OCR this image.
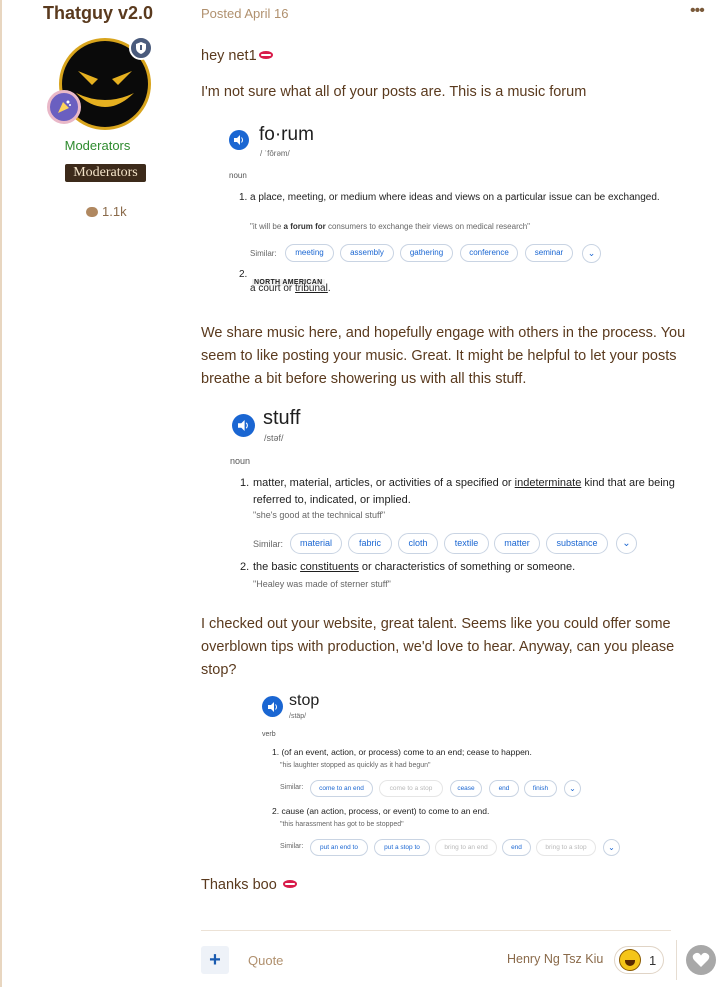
Thatguy v2.0
Moderators
Moderators
1.1k
Posted April 16	•••
hey net1
I'm not sure what all of your posts are. This is a music forum
fo·rum
/ ˈfôrəm/
noun
1. a place, meeting, or medium where ideas and views on a particular issue can be exchanged.
"it will be a forum for consumers to exchange their views on medical research"
Similar:	meeting	assembly	gathering	conference	seminar	⌄
2.
NORTH AMERICAN
a court or tribunal.
We share music here, and hopefully engage with others in the process. You seem to like posting your music. Great. It might be helpful to let your posts breathe a bit before showering us with all this stuff.
stuff
/stəf/
noun
1. matter, material, articles, or activities of a specified or indeterminate kind that are being referred to, indicated, or implied.
"she's good at the technical stuff"
Similar:	material	fabric	cloth	textile	matter	substance	⌄
2. the basic constituents or characteristics of something or someone.
"Healey was made of sterner stuff"
I checked out your website, great talent. Seems like you could offer some overblown tips with production, we'd love to hear. Anyway, can you please stop?
stop
/stäp/
verb
1. (of an event, action, or process) come to an end; cease to happen.
"his laughter stopped as quickly as it had begun"
Similar:	come to an end	come to a stop	cease	end	finish	⌄
2. cause (an action, process, or event) to come to an end.
"this harassment has got to be stopped"
Similar:	put an end to	put a stop to	bring to an end	end	bring to a stop	⌄
Thanks boo
+	Quote	Henry Ng Tsz Kiu	1
